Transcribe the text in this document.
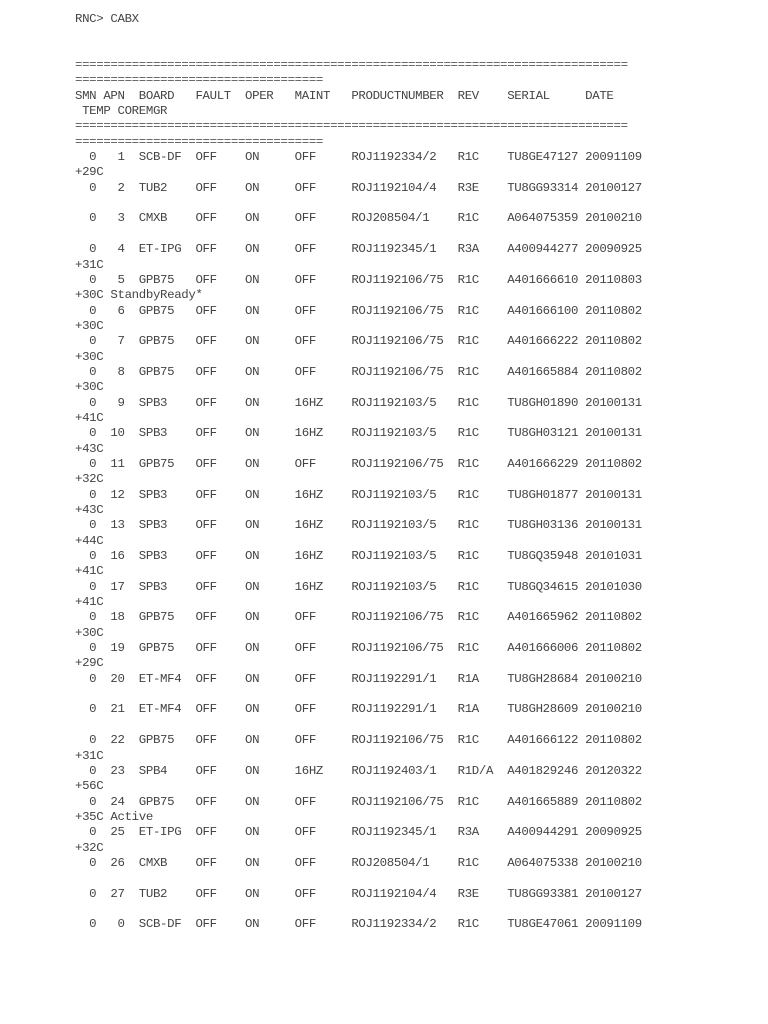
RNC> CABX
==============================================================================
===================================
SMN APN  BOARD   FAULT  OPER   MAINT   PRODUCTNUMBER  REV    SERIAL     DATE
TEMP COREMGR
==============================================================================
===================================
0   1  SCB-DF  OFF    ON     OFF     ROJ1192334/2   R1C    TU8GE47127 20091109
+29C
0   2  TUB2    OFF    ON     OFF     ROJ1192104/4   R3E    TU8GG93314 20100127
0   3  CMXB    OFF    ON     OFF     ROJ208504/1    R1C    A064075359 20100210
0   4  ET-IPG  OFF    ON     OFF     ROJ1192345/1   R3A    A400944277 20090925
+31C
0   5  GPB75   OFF    ON     OFF     ROJ1192106/75  R1C    A401666610 20110803
+30C StandbyReady*
0   6  GPB75   OFF    ON     OFF     ROJ1192106/75  R1C    A401666100 20110802
+30C
0   7  GPB75   OFF    ON     OFF     ROJ1192106/75  R1C    A401666222 20110802
+30C
0   8  GPB75   OFF    ON     OFF     ROJ1192106/75  R1C    A401665884 20110802
+30C
0   9  SPB3    OFF    ON     16HZ    ROJ1192103/5   R1C    TU8GH01890 20100131
+41C
0  10  SPB3    OFF    ON     16HZ    ROJ1192103/5   R1C    TU8GH03121 20100131
+43C
0  11  GPB75   OFF    ON     OFF     ROJ1192106/75  R1C    A401666229 20110802
+32C
0  12  SPB3    OFF    ON     16HZ    ROJ1192103/5   R1C    TU8GH01877 20100131
+43C
0  13  SPB3    OFF    ON     16HZ    ROJ1192103/5   R1C    TU8GH03136 20100131
+44C
0  16  SPB3    OFF    ON     16HZ    ROJ1192103/5   R1C    TU8GQ35948 20101031
+41C
0  17  SPB3    OFF    ON     16HZ    ROJ1192103/5   R1C    TU8GQ34615 20101030
+41C
0  18  GPB75   OFF    ON     OFF     ROJ1192106/75  R1C    A401665962 20110802
+30C
0  19  GPB75   OFF    ON     OFF     ROJ1192106/75  R1C    A401666006 20110802
+29C
0  20  ET-MF4  OFF    ON     OFF     ROJ1192291/1   R1A    TU8GH28684 20100210
0  21  ET-MF4  OFF    ON     OFF     ROJ1192291/1   R1A    TU8GH28609 20100210
0  22  GPB75   OFF    ON     OFF     ROJ1192106/75  R1C    A401666122 20110802
+31C
0  23  SPB4    OFF    ON     16HZ    ROJ1192403/1   R1D/A  A401829246 20120322
+56C
0  24  GPB75   OFF    ON     OFF     ROJ1192106/75  R1C    A401665889 20110802
+35C Active
0  25  ET-IPG  OFF    ON     OFF     ROJ1192345/1   R3A    A400944291 20090925
+32C
0  26  CMXB    OFF    ON     OFF     ROJ208504/1    R1C    A064075338 20100210
0  27  TUB2    OFF    ON     OFF     ROJ1192104/4   R3E    TU8GG93381 20100127
0   0  SCB-DF  OFF    ON     OFF     ROJ1192334/2   R1C    TU8GE47061 20091109
